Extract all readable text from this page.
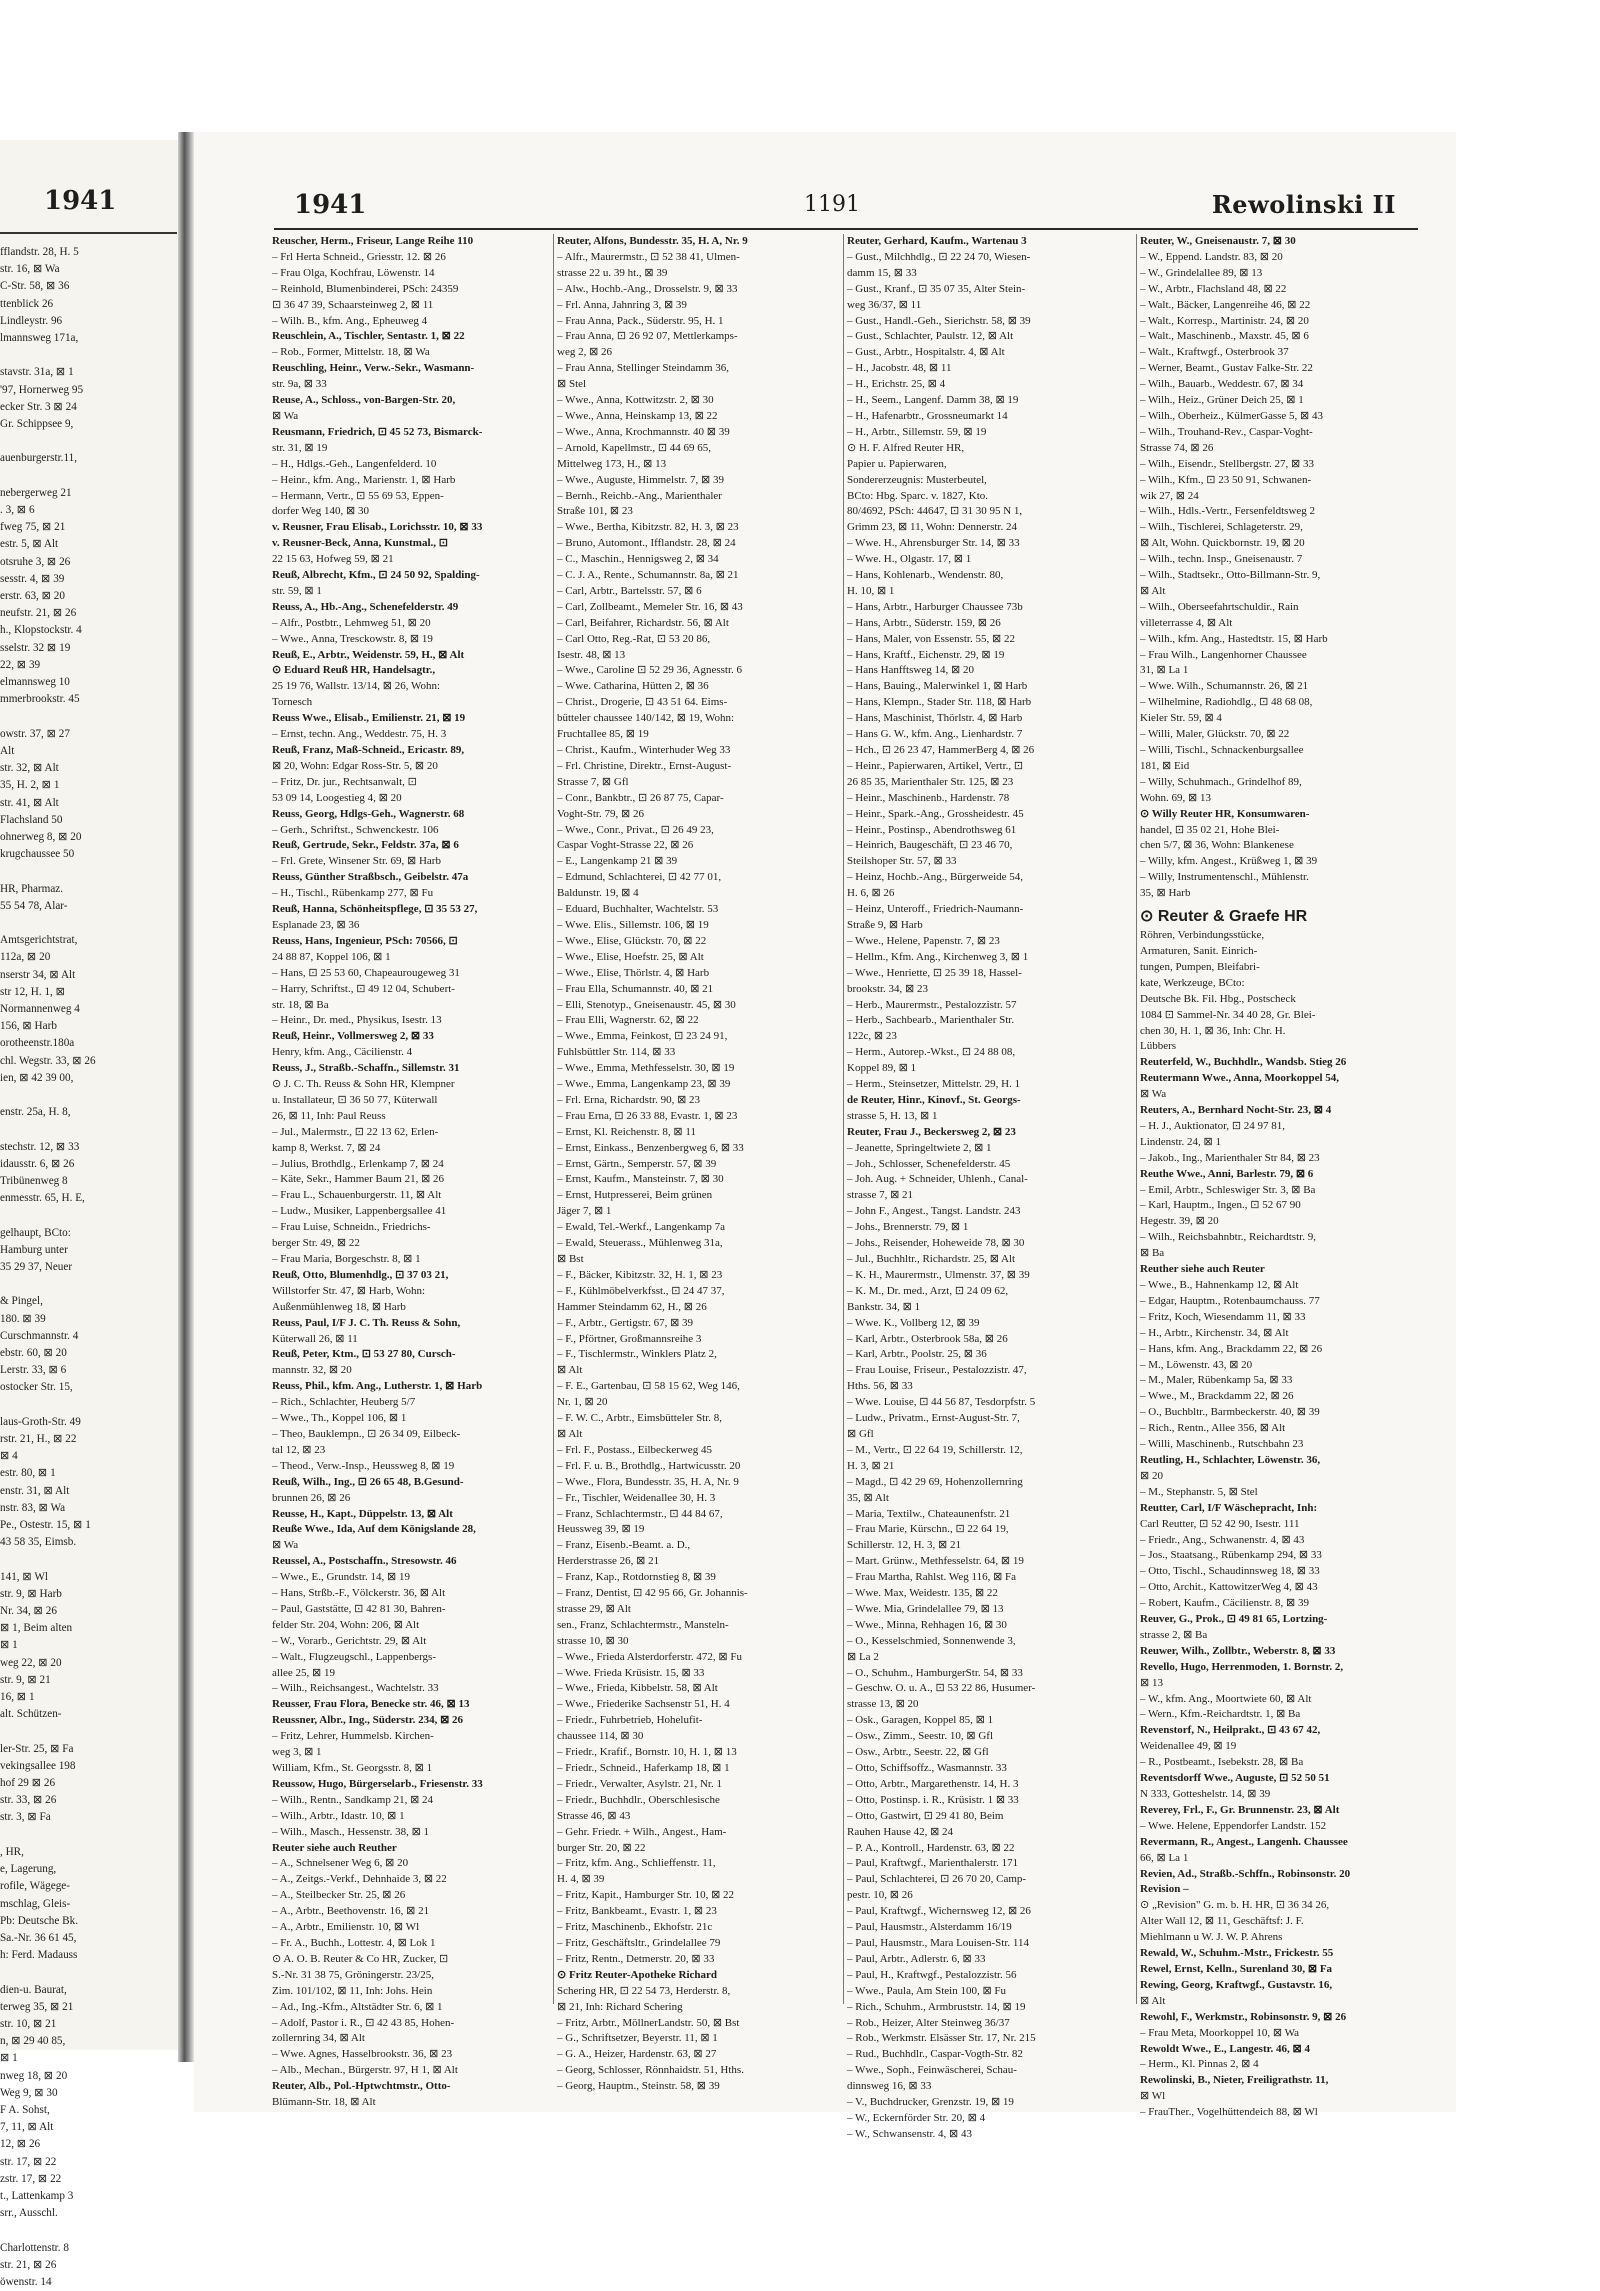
1941
fflandstr. 28, H. 5
str. 16, ⊠ Wa
C-Str. 58, ⊠ 36
ttenblick 26
Lindleystr. 96
lmannsweg 171a,

stavstr. 31a, ⊠ 1
'97, Hornerweg 95
ecker Str. 3 ⊠ 24
Gr. Schippsee 9,

auenburgerstr.11,

nebergerweg 21
. 3, ⊠ 6
fweg 75, ⊠ 21
estr. 5, ⊠ Alt
otsruhe 3, ⊠ 26
sesstr. 4, ⊠ 39
erstr. 63, ⊠ 20
neufstr. 21, ⊠ 26
h., Klopstockstr. 4
sselstr. 32 ⊠ 19
22, ⊠ 39
elmannsweg 10
mmerbrookstr. 45

owstr. 37, ⊠ 27
Alt
str. 32, ⊠ Alt
35, H. 2, ⊠ 1
str. 41, ⊠ Alt
Flachsland 50
ohnerweg 8, ⊠ 20
krugchaussee 50

HR, Pharmaz.
55 54 78, Alar-

Amtsgerichtstrat,
112a, ⊠ 20
nserstr 34, ⊠ Alt
str 12, H. 1, ⊠
Normannenweg 4
156, ⊠ Harb
orotheenstr.180a
chl. Wegstr. 33, ⊠ 26
ien, ⊠ 42 39 00,

enstr. 25a, H. 8,

stechstr. 12, ⊠ 33
idausstr. 6, ⊠ 26
Tribünenweg 8
enmesstr. 65, H. E,

gelhaupt, BCto:
Hamburg unter
35 29 37, Neuer

& Pingel,
180. ⊠ 39
Curschmannstr. 4
ebstr. 60, ⊠ 20
Lerstr. 33, ⊠ 6
ostocker Str. 15,

laus-Groth-Str. 49
rstr. 21, H., ⊠ 22
⊠ 4
estr. 80, ⊠ 1
enstr. 31, ⊠ Alt
nstr. 83, ⊠ Wa
Pe., Ostestr. 15, ⊠ 1
43 58 35, Eimsb.

141, ⊠ Wl
str. 9, ⊠ Harb
Nr. 34, ⊠ 26
⊠ 1, Beim alten
⊠ 1
weg 22, ⊠ 20
str. 9, ⊠ 21
16, ⊠ 1
alt. Schützen-

ler-Str. 25, ⊠ Fa
vekingsallee 198
hof 29 ⊠ 26
str. 33, ⊠ 26
str. 3, ⊠ Fa

, HR,
e, Lagerung,
rofile, Wägege-
mschlag, Gleis-
Pb: Deutsche Bk.
Sa.-Nr. 36 61 45,
h: Ferd. Madauss

dien-u. Baurat,
terweg 35, ⊠ 21
str. 10, ⊠ 21
n, ⊠ 29 40 85,
⊠ 1
nweg 18, ⊠ 20
Weg 9, ⊠ 30
F A. Sohst,
7, 11, ⊠ Alt
12, ⊠ 26
str. 17, ⊠ 22
zstr. 17, ⊠ 22
t., Lattenkamp 3
srr., Ausschl.

Charlottenstr. 8
str. 21, ⊠ 26
öwenstr. 14
1941	1191	Rewolinski II
Reuscher, Herm., Friseur, Lange Reihe 110
– Frl Herta Schneid., Griesstr. 12. ⊠ 26
– Frau Olga, Kochfrau, Löwenstr. 14
– Reinhold, Blumenbinderei, PSch: 24359
⊡ 36 47 39, Schaarsteinweg 2, ⊠ 11
– Wilh. B., kfm. Ang., Epheuweg 4
Reuschlein, A., Tischler, Sentastr. 1, ⊠ 22
– Rob., Former, Mittelstr. 18, ⊠ Wa
Reuschling, Heinr., Verw.-Sekr., Wasmann-
str. 9a, ⊠ 33
Reuse, A., Schloss., von-Bargen-Str. 20,
⊠ Wa
Reusmann, Friedrich, ⊡ 45 52 73, Bismarck-
str. 31, ⊠ 19
– H., Hdlgs.-Geh., Langenfelderd. 10
– Heinr., kfm. Ang., Marienstr. 1, ⊠ Harb
– Hermann, Vertr., ⊡ 55 69 53, Eppen-
dorfer Weg 140, ⊠ 30
v. Reusner, Frau Elisab., Lorichsstr. 10, ⊠ 33
v. Reusner-Beck, Anna, Kunstmal., ⊡
22 15 63, Hofweg 59, ⊠ 21
Reuß, Albrecht, Kfm., ⊡ 24 50 92, Spalding-
str. 59, ⊠ 1
Reuss, A., Hb.-Ang., Schenefelderstr. 49
– Alfr., Postbtr., Lehmweg 51, ⊠ 20
– Wwe., Anna, Tresckowstr. 8, ⊠ 19
Reuß, E., Arbtr., Weidenstr. 59, H., ⊠ Alt
⊙ Eduard Reuß HR, Handelsagtr.,
25 19 76, Wallstr. 13/14, ⊠ 26, Wohn:
Tornesch
Reuss Wwe., Elisab., Emilienstr. 21, ⊠ 19
– Ernst, techn. Ang., Weddestr. 75, H. 3
Reuß, Franz, Maß-Schneid., Ericastr. 89,
⊠ 20, Wohn: Edgar Ross-Str. 5, ⊠ 20
– Fritz, Dr. jur., Rechtsanwalt, ⊡
53 09 14, Loogestieg 4, ⊠ 20
Reuss, Georg, Hdlgs-Geh., Wagnerstr. 68
– Gerh., Schriftst., Schwenckestr. 106
Reuß, Gertrude, Sekr., Feldstr. 37a, ⊠ 6
– Frl. Grete, Winsener Str. 69, ⊠ Harb
Reuss, Günther Straßbsch., Geibelstr. 47a
– H., Tischl., Rübenkamp 277, ⊠ Fu
Reuß, Hanna, Schönheitspflege, ⊡ 35 53 27,
Esplanade 23, ⊠ 36
Reuss, Hans, Ingenieur, PSch: 70566, ⊡
24 88 87, Koppel 106, ⊠ 1
– Hans, ⊡ 25 53 60, Chapeaurougeweg 31
– Harry, Schriftst., ⊡ 49 12 04, Schubert-
str. 18, ⊠ Ba
– Heinr., Dr. med., Physikus, Isestr. 13
Reuß, Heinr., Vollmersweg 2, ⊠ 33
Henry, kfm. Ang., Cäcilienstr. 4
Reuss, J., Straßb.-Schaffn., Sillemstr. 31
⊙ J. C. Th. Reuss & Sohn HR, Klempner
u. Installateur, ⊡ 36 50 77, Küterwall
26, ⊠ 11, Inh: Paul Reuss
– Jul., Malermstr., ⊡ 22 13 62, Erlen-
kamp 8, Werkst. 7, ⊠ 24
– Julius, Brothdlg., Erlenkamp 7, ⊠ 24
– Käte, Sekr., Hammer Baum 21, ⊠ 26
– Frau L., Schauenburgerstr. 11, ⊠ Alt
– Ludw., Musiker, Lappenbergsallee 41
– Frau Luise, Schneidn., Friedrichs-
berger Str. 49, ⊠ 22
– Frau Maria, Borgeschstr. 8, ⊠ 1
Reuß, Otto, Blumenhdlg., ⊡ 37 03 21,
Willstorfer Str. 47, ⊠ Harb, Wohn:
Außenmühlenweg 18, ⊠ Harb
Reuss, Paul, I/F J. C. Th. Reuss & Sohn,
Küterwall 26, ⊠ 11
Reuß, Peter, Ktm., ⊡ 53 27 80, Cursch-
mannstr. 32, ⊠ 20
Reuss, Phil., kfm. Ang., Lutherstr. 1, ⊠ Harb
– Rich., Schlachter, Heuberg 5/7
– Wwe., Th., Koppel 106, ⊠ 1
– Theo, Bauklempn., ⊡ 26 34 09, Eilbeck-
tal 12, ⊠ 23
– Theod., Verw.-Insp., Heussweg 8, ⊠ 19
Reuß, Wilh., Ing., ⊡ 26 65 48, B.Gesund-
brunnen 26, ⊠ 26
Reusse, H., Kapt., Düppelstr. 13, ⊠ Alt
Reuße Wwe., Ida, Auf dem Königslande 28,
⊠ Wa
Reussel, A., Postschaffn., Stresowstr. 46
– Wwe., E., Grundstr. 14, ⊠ 19
– Hans, Strßb.-F., Völckerstr. 36, ⊠ Alt
– Paul, Gaststätte, ⊡ 42 81 30, Bahren-
felder Str. 204, Wohn: 206, ⊠ Alt
– W., Vorarb., Gerichtstr. 29, ⊠ Alt
– Walt., Flugzeugschl., Lappenbergs-
allee 25, ⊠ 19
– Wilh., Reichsangest., Wachtelstr. 33
Reusser, Frau Flora, Benecke str. 46, ⊠ 13
Reussner, Albr., Ing., Süderstr. 234, ⊠ 26
– Fritz, Lehrer, Hummelsb. Kirchen-
weg 3, ⊠ 1
William, Kfm., St. Georgsstr. 8, ⊠ 1
Reussow, Hugo, Bürgerselarb., Friesenstr. 33
– Wilh., Rentn., Sandkamp 21, ⊠ 24
– Wilh., Arbtr., Idastr. 10, ⊠ 1
– Wilh., Masch., Hessenstr. 38, ⊠ 1
Reuter siehe auch Reuther
– A., Schnelsener Weg 6, ⊠ 20
– A., Zeitgs.-Verkf., Dehnhaide 3, ⊠ 22
– A., Steilbecker Str. 25, ⊠ 26
– A., Arbtr., Beethovenstr. 16, ⊠ 21
– A., Arbtr., Emilienstr. 10, ⊠ Wl
– Fr. A., Buchh., Lottestr. 4, ⊠ Lok 1
⊙ A. O. B. Reuter & Co HR, Zucker, ⊡
S.-Nr. 31 38 75, Gröningerstr. 23/25,
Zim. 101/102, ⊠ 11, Inh: Johs. Hein
– Ad., Ing.-Kfm., Altstädter Str. 6, ⊠ 1
– Adolf, Pastor i. R., ⊡ 42 43 85, Hohen-
zollernring 34, ⊠ Alt
– Wwe. Agnes, Hasselbrookstr. 36, ⊠ 23
– Alb., Mechan., Bürgerstr. 97, H 1, ⊠ Alt
Reuter, Alb., Pol.-Hptwchtmstr., Otto-
Blümann-Str. 18, ⊠ Alt
Reuter, Alfons, Bundesstr. 35, H. A, Nr. 9
– Alfr., Maurermstr., ⊡ 52 38 41, Ulmen-
strasse 22 u. 39 ht., ⊠ 39
– Alw., Hochb.-Ang., Drosselstr. 9, ⊠ 33
– Frl. Anna, Jahnring 3, ⊠ 39
– Frau Anna, Pack., Süderstr. 95, H. 1
– Frau Anna, ⊡ 26 92 07, Mettlerkamps-
weg 2, ⊠ 26
– Frau Anna, Stellinger Steindamm 36,
⊠ Stel
– Wwe., Anna, Kottwitzstr. 2, ⊠ 30
– Wwe., Anna, Heinskamp 13, ⊠ 22
– Wwe., Anna, Krochmannstr. 40 ⊠ 39
– Arnold, Kapellmstr., ⊡ 44 69 65,
Mittelweg 173, H., ⊠ 13
– Wwe., Auguste, Himmelstr. 7, ⊠ 39
– Bernh., Reichb.-Ang., Marienthaler
Straße 101, ⊠ 23
– Wwe., Bertha, Kibitzstr. 82, H. 3, ⊠ 23
– Bruno, Automont., Ifflandstr. 28, ⊠ 24
– C., Maschin., Hennigsweg 2, ⊠ 34
– C. J. A., Rente., Schumannstr. 8a, ⊠ 21
– Carl, Arbtr., Bartelsstr. 57, ⊠ 6
– Carl, Zollbeamt., Memeler Str. 16, ⊠ 43
– Carl, Beifahrer, Richardstr. 56, ⊠ Alt
– Carl Otto, Reg.-Rat, ⊡ 53 20 86,
Isestr. 48, ⊠ 13
– Wwe., Caroline ⊡ 52 29 36, Agnesstr. 6
– Wwe. Catharina, Hütten 2, ⊠ 36
– Christ., Drogerie, ⊡ 43 51 64. Eims-
bütteler chaussee 140/142, ⊠ 19, Wohn:
Fruchtallee 85, ⊠ 19
– Christ., Kaufm., Winterhuder Weg 33
– Frl. Christine, Direktr., Ernst-August-
Strasse 7, ⊠ Gfl
– Conr., Bankbtr., ⊡ 26 87 75, Capar-
Voght-Str. 79, ⊠ 26
– Wwe., Conr., Privat., ⊡ 26 49 23,
Caspar Voght-Strasse 22, ⊠ 26
– E., Langenkamp 21 ⊠ 39
– Edmund, Schlachterei, ⊡ 42 77 01,
Baldunstr. 19, ⊠ 4
– Eduard, Buchhalter, Wachtelstr. 53
– Wwe. Elis., Sillemstr. 106, ⊠ 19
– Wwe., Elise, Glückstr. 70, ⊠ 22
– Wwe., Elise, Hoefstr. 25, ⊠ Alt
– Wwe., Elise, Thörlstr. 4, ⊠ Harb
– Frau Ella, Schumannstr. 40, ⊠ 21
– Elli, Stenotyp., Gneisenaustr. 45, ⊠ 30
– Frau Elli, Wagnerstr. 62, ⊠ 22
– Wwe., Emma, Feinkost, ⊡ 23 24 91,
Fuhlsbüttler Str. 114, ⊠ 33
– Wwe., Emma, Methfesselstr. 30, ⊠ 19
– Wwe., Emma, Langenkamp 23, ⊠ 39
– Frl. Erna, Richardstr. 90, ⊠ 23
– Frau Erna, ⊡ 26 33 88, Evastr. 1, ⊠ 23
– Ernst, Kl. Reichenstr. 8, ⊠ 11
– Ernst, Einkass., Benzenbergweg 6, ⊠ 33
– Ernst, Gärtn., Semperstr. 57, ⊠ 39
– Ernst, Kaufm., Mansteinstr. 7, ⊠ 30
– Ernst, Hutpresserei, Beim grünen
Jäger 7, ⊠ 1
– Ewald, Tel.-Werkf., Langenkamp 7a
– Ewald, Steuerass., Mühlenweg 31a,
⊠ Bst
– F., Bäcker, Kibitzstr. 32, H. 1, ⊠ 23
– F., Kühlmöbelverkfsst., ⊡ 24 47 37,
Hammer Steindamm 62, H., ⊠ 26
– F., Arbtr., Gertigstr. 67, ⊠ 39
– F., Pförtner, Großmannsreihe 3
– F., Tischlermstr., Winklers Platz 2,
⊠ Alt
– F. E., Gartenbau, ⊡ 58 15 62, Weg 146,
Nr. 1, ⊠ 20
– F. W. C., Arbtr., Eimsbütteler Str. 8,
⊠ Alt
– Frl. F., Postass., Eilbeckerweg 45
– Frl. F. u. B., Brothdlg., Hartwicusstr. 20
– Wwe., Flora, Bundesstr. 35, H. A, Nr. 9
– Fr., Tischler, Weidenallee 30, H. 3
– Franz, Schlachtermstr., ⊡ 44 84 67,
Heussweg 39, ⊠ 19
– Franz, Eisenb.-Beamt. a. D.,
Herderstrasse 26, ⊠ 21
– Franz, Kap., Rotdornstieg 8, ⊠ 39
– Franz, Dentist, ⊡ 42 95 66, Gr. Johannis-
strasse 29, ⊠ Alt
sen., Franz, Schlachtermstr., Mansteln-
strasse 10, ⊠ 30
– Wwe., Frieda Alsterdorferstr. 472, ⊠ Fu
– Wwe. Frieda Krüsistr. 15, ⊠ 33
– Wwe., Frieda, Kibbelstr. 58, ⊠ Alt
– Wwe., Friederike Sachsenstr 51, H. 4
– Friedr., Fuhrbetrieb, Hohelufit-
chaussee 114, ⊠ 30
– Friedr., Krafif., Bornstr. 10, H. 1, ⊠ 13
– Friedr., Schneid., Haferkamp 18, ⊠ 1
– Friedr., Verwalter, Asylstr. 21, Nr. 1
– Friedr., Buchhdlr., Oberschlesische
Strasse 46, ⊠ 43
– Gehr. Friedr. + Wilh., Angest., Ham-
burger Str. 20, ⊠ 22
– Fritz, kfm. Ang., Schlieffenstr. 11,
H. 4, ⊠ 39
– Fritz, Kapit., Hamburger Str. 10, ⊠ 22
– Fritz, Bankbeamt., Evastr. 1, ⊠ 23
– Fritz, Maschinenb., Ekhofstr. 21c
– Fritz, Geschäftsltr., Grindelallee 79
– Fritz, Rentn., Detmerstr. 20, ⊠ 33
⊙ Fritz Reuter-Apotheke Richard
Schering HR, ⊡ 22 54 73, Herderstr. 8,
⊠ 21, Inh: Richard Schering
– Fritz, Arbtr., MöllnerLandstr. 50, ⊠ Bst
– G., Schriftsetzer, Beyerstr. 11, ⊠ 1
– G. A., Heizer, Hardenstr. 63, ⊠ 27
– Georg, Schlosser, Rönnhaidstr. 51, Hths.
– Georg, Hauptm., Steinstr. 58, ⊠ 39
Reuter, Gerhard, Kaufm., Wartenau 3
– Gust., Milchhdlg., ⊡ 22 24 70, Wiesen-
damm 15, ⊠ 33
– Gust., Kranf., ⊡ 35 07 35, Alter Stein-
weg 36/37, ⊠ 11
– Gust., Handl.-Geh., Sierichstr. 58, ⊠ 39
– Gust., Schlachter, Paulstr. 12, ⊠ Alt
– Gust., Arbtr., Hospitalstr. 4, ⊠ Alt
– H., Jacobstr. 48, ⊠ 11
– H., Erichstr. 25, ⊠ 4
– H., Seem., Langenf. Damm 38, ⊠ 19
– H., Hafenarbtr., Grossneumarkt 14
– H., Arbtr., Sillemstr. 59, ⊠ 19
⊙ H. F. Alfred Reuter HR,
Papier u. Papierwaren,
Sondererzeugnis: Musterbeutel,
BCto: Hbg. Sparc. v. 1827, Kto.
80/4692, PSch: 44647, ⊡ 31 30 95 N 1,
Grimm 23, ⊠ 11, Wohn: Dennerstr. 24
– Wwe. H., Ahrensburger Str. 14, ⊠ 33
– Wwe. H., Olgastr. 17, ⊠ 1
– Hans, Kohlenarb., Wendenstr. 80,
H. 10, ⊠ 1
– Hans, Arbtr., Harburger Chaussee 73b
– Hans, Arbtr., Süderstr. 159, ⊠ 26
– Hans, Maler, von Essenstr. 55, ⊠ 22
– Hans, Kraftf., Eichenstr. 29, ⊠ 19
– Hans Hanfftsweg 14, ⊠ 20
– Hans, Bauing., Malerwinkel 1, ⊠ Harb
– Hans, Klempn., Stader Str. 118, ⊠ Harb
– Hans, Maschinist, Thörlstr. 4, ⊠ Harb
– Hans G. W., kfm. Ang., Lienhardstr. 7
– Hch., ⊡ 26 23 47, HammerBerg 4, ⊠ 26
– Heinr., Papierwaren, Artikel, Vertr., ⊡
26 85 35, Marienthaler Str. 125, ⊠ 23
– Heinr., Maschinenb., Hardenstr. 78
– Heinr., Spark.-Ang., Grossheidestr. 45
– Heinr., Postinsp., Abendrothsweg 61
– Heinrich, Baugeschäft, ⊡ 23 46 70,
Steilshoper Str. 57, ⊠ 33
– Heinz, Hochb.-Ang., Bürgerweide 54,
H. 6, ⊠ 26
– Heinz, Unteroff., Friedrich-Naumann-
Straße 9, ⊠ Harb
– Wwe., Helene, Papenstr. 7, ⊠ 23
– Hellm., Kfm. Ang., Kirchenweg 3, ⊠ 1
– Wwe., Henriette, ⊡ 25 39 18, Hassel-
brookstr. 34, ⊠ 23
– Herb., Maurermstr., Pestalozzistr. 57
– Herb., Sachbearb., Marienthaler Str.
122c, ⊠ 23
– Herm., Autorep.-Wkst., ⊡ 24 88 08,
Koppel 89, ⊠ 1
– Herm., Steinsetzer, Mittelstr. 29, H. 1
de Reuter, Hinr., Kinovf., St. Georgs-
strasse 5, H. 13, ⊠ 1
Reuter, Frau J., Beckersweg 2, ⊠ 23
– Jeanette, Springeltwiete 2, ⊠ 1
– Joh., Schlosser, Schenefelderstr. 45
– Joh. Aug. + Schneider, Uhlenh., Canal-
strasse 7, ⊠ 21
– John F., Angest., Tangst. Landstr. 243
– Johs., Brennerstr. 79, ⊠ 1
– Johs., Reisender, Hoheweide 78, ⊠ 30
– Jul., Buchhltr., Richardstr. 25, ⊠ Alt
– K. H., Maurermstr., Ulmenstr. 37, ⊠ 39
– K. M., Dr. med., Arzt, ⊡ 24 09 62,
Bankstr. 34, ⊠ 1
– Wwe. K., Vollberg 12, ⊠ 39
– Karl, Arbtr., Osterbrook 58a, ⊠ 26
– Karl, Arbtr., Poolstr. 25, ⊠ 36
– Frau Louise, Friseur., Pestalozzistr. 47,
Hths. 56, ⊠ 33
– Wwe. Louise, ⊡ 44 56 87, Tesdorpfstr. 5
– Ludw., Privatm., Ernst-August-Str. 7,
⊠ Gfl
– M., Vertr., ⊡ 22 64 19, Schillerstr. 12,
H. 3, ⊠ 21
– Magd., ⊡ 42 29 69, Hohenzollernring
35, ⊠ Alt
– Maria, Textilw., Chateaunenfstr. 21
– Frau Marie, Kürschn., ⊡ 22 64 19,
Schillerstr. 12, H. 3, ⊠ 21
– Mart. Grünw., Methfesselstr. 64, ⊠ 19
– Frau Martha, Rahlst. Weg 116, ⊠ Fa
– Wwe. Max, Weidestr. 135, ⊠ 22
– Wwe. Mia, Grindelallee 79, ⊠ 13
– Wwe., Minna, Rehhagen 16, ⊠ 30
– O., Kesselschmied, Sonnenwende 3,
⊠ La 2
– O., Schuhm., HamburgerStr. 54, ⊠ 33
– Geschw. O. u. A., ⊡ 53 22 86, Husumer-
strasse 13, ⊠ 20
– Osk., Garagen, Koppel 85, ⊠ 1
– Osw., Zimm., Seestr. 10, ⊠ Gfl
– Osw., Arbtr., Seestr. 22, ⊠ Gfl
– Otto, Schiffsoffz., Wasmannstr. 33
– Otto, Arbtr., Margarethenstr. 14, H. 3
– Otto, Postinsp. i. R., Krüsistr. 1 ⊠ 33
– Otto, Gastwirt, ⊡ 29 41 80, Beim
Rauhen Hause 42, ⊠ 24
– P. A., Kontroll., Hardenstr. 63, ⊠ 22
– Paul, Kraftwgf., Marienthalerstr. 171
– Paul, Schlachterei, ⊡ 26 70 20, Camp-
pestr. 10, ⊠ 26
– Paul, Kraftwgf., Wichernsweg 12, ⊠ 26
– Paul, Hausmstr., Alsterdamm 16/19
– Paul, Hausmstr., Mara Louisen-Str. 114
– Paul, Arbtr., Adlerstr. 6, ⊠ 33
– Paul, H., Kraftwgf., Pestalozzistr. 56
– Wwe., Paula, Am Stein 100, ⊠ Fu
– Rich., Schuhm., Armbruststr. 14, ⊠ 19
– Rob., Heizer, Alter Steinweg 36/37
– Rob., Werkmstr. Elsässer Str. 17, Nr. 215
– Rud., Buchhdlr., Caspar-Vogth-Str. 82
– Wwe., Soph., Feinwäscherei, Schau-
dinnsweg 16, ⊠ 33
– V., Buchdrucker, Grenzstr. 19, ⊠ 19
– W., Eckernförder Str. 20, ⊠ 4
– W., Schwansenstr. 4, ⊠ 43
Reuter, W., Gneisenaustr. 7, ⊠ 30
– W., Eppend. Landstr. 83, ⊠ 20
– W., Grindelallee 89, ⊠ 13
– W., Arbtr., Flachsland 48, ⊠ 22
– Walt., Bäcker, Langenreihe 46, ⊠ 22
– Walt., Korresp., Martinistr. 24, ⊠ 20
– Walt., Maschinenb., Maxstr. 45, ⊠ 6
– Walt., Kraftwgf., Osterbrook 37
– Werner, Beamt., Gustav Falke-Str. 22
– Wilh., Bauarb., Weddestr. 67, ⊠ 34
– Wilh., Heiz., Grüner Deich 25, ⊠ 1
– Wilh., Oberheiz., KülmerGasse 5, ⊠ 43
– Wilh., Trouhand-Rev., Caspar-Voght-
Strasse 74, ⊠ 26
– Wilh., Eisendr., Stellbergstr. 27, ⊠ 33
– Wilh., Kfm., ⊡ 23 50 91, Schwanen-
wik 27, ⊠ 24
– Wilh., Hdls.-Vertr., Fersenfeldtsweg 2
– Wilh., Tischlerei, Schlageterstr. 29,
⊠ Alt, Wohn. Quickbornstr. 19, ⊠ 20
– Wilh., techn. Insp., Gneisenaustr. 7
– Wilh., Stadtsekr., Otto-Billmann-Str. 9,
⊠ Alt
– Wilh., Oberseefahrtschuldir., Rain
villeterrasse 4, ⊠ Alt
– Wilh., kfm. Ang., Hastedtstr. 15, ⊠ Harb
– Frau Wilh., Langenhorner Chaussee
31, ⊠ La 1
– Wwe. Wilh., Schumannstr. 26, ⊠ 21
– Wilhelmine, Radiohdlg., ⊡ 48 68 08,
Kieler Str. 59, ⊠ 4
– Willi, Maler, Glückstr. 70, ⊠ 22
– Willi, Tischl., Schnackenburgsallee
181, ⊠ Eid
– Willy, Schuhmach., Grindelhof 89,
Wohn. 69, ⊠ 13
⊙ Willy Reuter HR, Konsumwaren-
handel, ⊡ 35 02 21, Hohe Blei-
chen 5/7, ⊠ 36, Wohn: Blankenese
– Willy, kfm. Angest., Krüßweg 1, ⊠ 39
– Willy, Instrumentenschl., Mühlenstr.
35, ⊠ Harb
⊙ Reuter & Graefe HR
Röhren, Verbindungsstücke,
Armaturen, Sanit. Einrich-
tungen, Pumpen, Bleifabri-
kate, Werkzeuge, BCto:
Deutsche Bk. Fil. Hbg., Postscheck
1084 ⊡ Sammel-Nr. 34 40 28, Gr. Blei-
chen 30, H. 1, ⊠ 36, Inh: Chr. H.
Lübbers
Reuterfeld, W., Buchhdlr., Wandsb. Stieg 26
Reutermann Wwe., Anna, Moorkoppel 54,
⊠ Wa
Reuters, A., Bernhard Nocht-Str. 23, ⊠ 4
– H. J., Auktionator, ⊡ 24 97 81,
Lindenstr. 24, ⊠ 1
– Jakob., Ing., Marienthaler Str 84, ⊠ 23
Reuthe Wwe., Anni, Barlestr. 79, ⊠ 6
– Emil, Arbtr., Schleswiger Str. 3, ⊠ Ba
– Karl, Hauptm., Ingen., ⊡ 52 67 90
Hegestr. 39, ⊠ 20
– Wilh., Reichsbahnbtr., Reichardtstr. 9,
⊠ Ba
Reuther siehe auch Reuter
– Wwe., B., Hahnenkamp 12, ⊠ Alt
– Edgar, Hauptm., Rotenbaumchauss. 77
– Fritz, Koch, Wiesendamm 11, ⊠ 33
– H., Arbtr., Kirchenstr. 34, ⊠ Alt
– Hans, kfm. Ang., Brackdamm 22, ⊠ 26
– M., Löwenstr. 43, ⊠ 20
– M., Maler, Rübenkamp 5a, ⊠ 33
– Wwe., M., Brackdamm 22, ⊠ 26
– O., Buchbltr., Barmbeckerstr. 40, ⊠ 39
– Rich., Rentn., Allee 356, ⊠ Alt
– Willi, Maschinenb., Rutschbahn 23
Reutling, H., Schlachter, Löwenstr. 36,
⊠ 20
– M., Stephanstr. 5, ⊠ Stel
Reutter, Carl, I/F Wäschepracht, Inh:
Carl Reutter, ⊡ 52 42 90, Isestr. 111
– Friedr., Ang., Schwanenstr. 4, ⊠ 43
– Jos., Staatsang., Rübenkamp 294, ⊠ 33
– Otto, Tischl., Schaudinnsweg 18, ⊠ 33
– Otto, Archit., KattowitzerWeg 4, ⊠ 43
– Robert, Kaufm., Cäcilienstr. 8, ⊠ 39
Reuver, G., Prok., ⊡ 49 81 65, Lortzing-
strasse 2, ⊠ Ba
Reuwer, Wilh., Zollbtr., Weberstr. 8, ⊠ 33
Revello, Hugo, Herrenmoden, 1. Bornstr. 2,
⊠ 13
– W., kfm. Ang., Moortwiete 60, ⊠ Alt
– Wern., Kfm.-Reichardtstr. 1, ⊠ Ba
Revenstorf, N., Heilprakt., ⊡ 43 67 42,
Weidenallee 49, ⊠ 19
– R., Postbeamt., Isebekstr. 28, ⊠ Ba
Reventsdorff Wwe., Auguste, ⊡ 52 50 51
N 333, Gotteshelstr. 14, ⊠ 39
Reverey, Frl., F., Gr. Brunnenstr. 23, ⊠ Alt
– Wwe. Helene, Eppendorfer Landstr. 152
Revermann, R., Angest., Langenh. Chaussee
66, ⊠ La 1
Revien, Ad., Straßb.-Schffn., Robinsonstr. 20
Revision –
⊙ „Revision" G. m. b. H. HR, ⊡ 36 34 26,
Alter Wall 12, ⊠ 11, Geschäftsf: J. F.
Miehlmann u W. J. W. P. Ahrens
Rewald, W., Schuhm.-Mstr., Frickestr. 55
Rewel, Ernst, Kelln., Surenland 30, ⊠ Fa
Rewing, Georg, Kraftwgf., Gustavstr. 16,
⊠ Alt
Rewohl, F., Werkmstr., Robinsonstr. 9, ⊠ 26
– Frau Meta, Moorkoppel 10, ⊠ Wa
Rewoldt Wwe., E., Langestr. 46, ⊠ 4
– Herm., Kl. Pinnas 2, ⊠ 4
Rewolinski, B., Nieter, Freiligrathstr. 11,
⊠ Wl
– FrauTher., Vogelhüttendeich 88, ⊠ Wl
